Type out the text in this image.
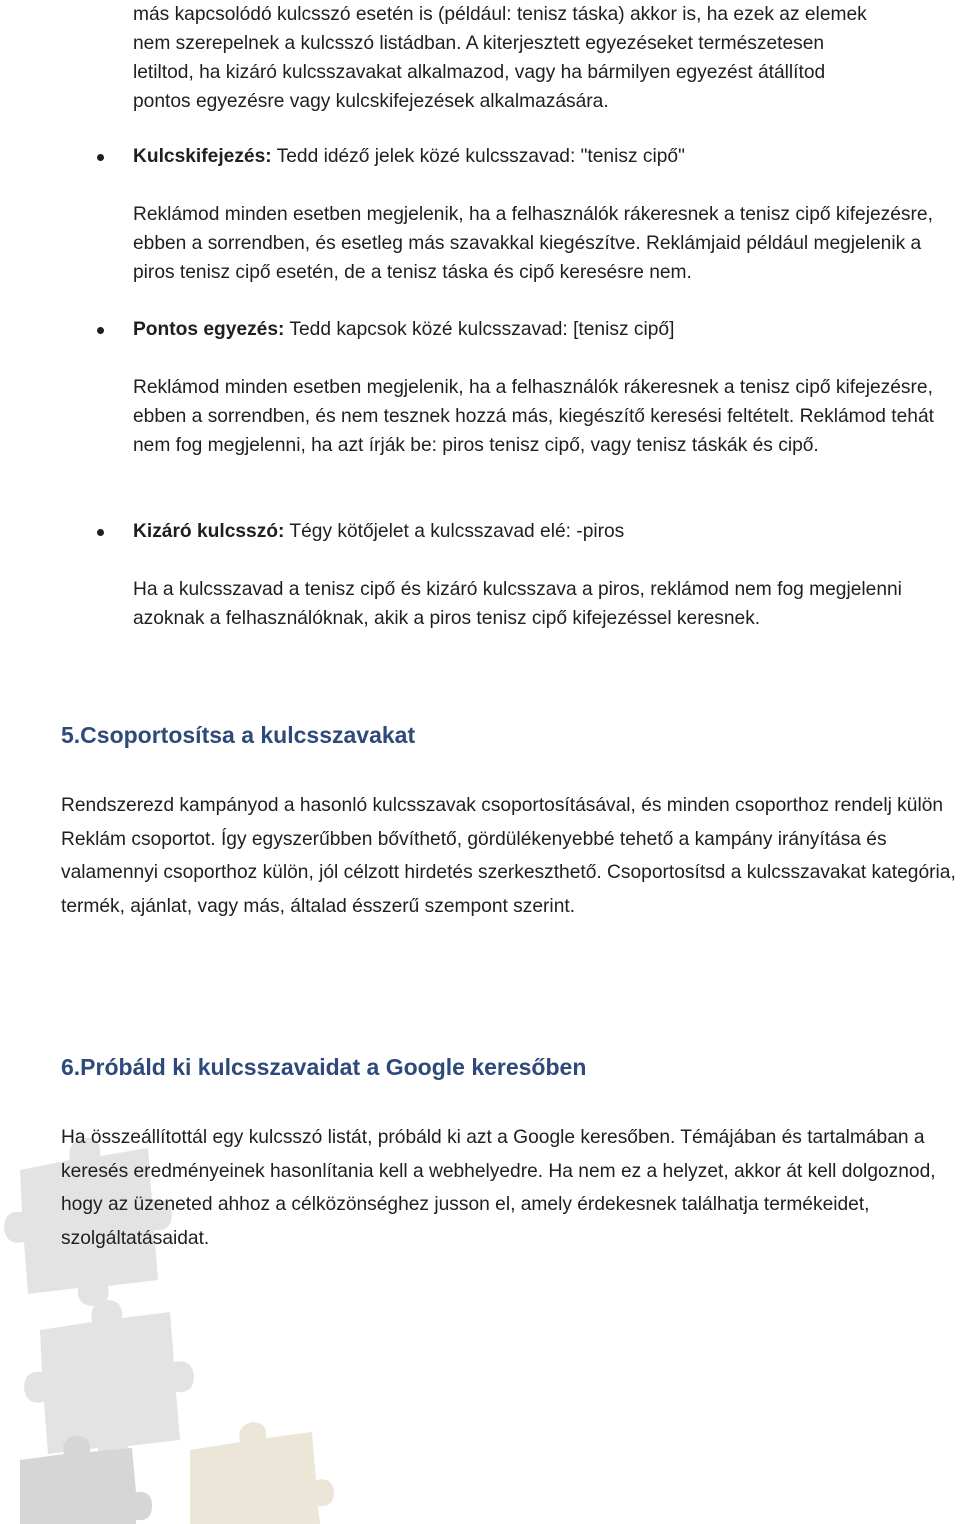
más kapcsolódó kulcsszó esetén is (például: tenisz táska) akkor is, ha ezek az elemek
nem szerepelnek a kulcsszó listádban. A kiterjesztett egyezéseket természetesen
letiltod, ha kizáró kulcsszavakat alkalmazod, vagy ha bármilyen egyezést átállítod
pontos egyezésre vagy kulcskifejezések alkalmazására.

Kulcskifejezés: Tedd idéző jelek közé kulcsszavad: "tenisz cipő"

Reklámod minden esetben megjelenik, ha a felhasználók rákeresnek a tenisz cipő kifejezésre, ebben a sorrendben, és esetleg más szavakkal kiegészítve. Reklámjaid például megjelenik a piros tenisz cipő esetén, de a tenisz táska és cipő keresésre nem.

Pontos egyezés: Tedd kapcsok közé kulcsszavad: [tenisz cipő]

Reklámod minden esetben megjelenik, ha a felhasználók rákeresnek a tenisz cipő kifejezésre, ebben a sorrendben, és nem tesznek hozzá más, kiegészítő keresési feltételt. Reklámod tehát nem fog megjelenni, ha azt írják be: piros tenisz cipő, vagy tenisz táskák és cipő.

Kizáró kulcsszó: Tégy kötőjelet a kulcsszavad elé: -piros

Ha a kulcsszavad a tenisz cipő és kizáró kulcsszava a piros, reklámod nem fog megjelenni azoknak a felhasználóknak, akik a piros tenisz cipő kifejezéssel keresnek.

5.Csoportosítsa a kulcsszavakat

Rendszerezd kampányod a hasonló kulcsszavak csoportosításával, és minden csoporthoz rendelj külön Reklám csoportot. Így egyszerűbben bővíthető, gördülékenyebbé tehető a kampány irányítása és valamennyi csoporthoz külön, jól célzott hirdetés szerkeszthető. Csoportosítsd a kulcsszavakat kategória, termék, ajánlat, vagy más, általad ésszerű szempont szerint.

6.Próbáld ki kulcsszavaidat a Google keresőben

Ha összeállítottál egy kulcsszó listát, próbáld ki azt a Google keresőben. Témájában és tartalmában a keresés eredményeinek hasonlítania kell a webhelyedre. Ha nem ez a helyzet, akkor át kell dolgoznod, hogy az üzeneted ahhoz a célközönséghez jusson el, amely érdekesnek találhatja termékeidet, szolgáltatásaidat.
